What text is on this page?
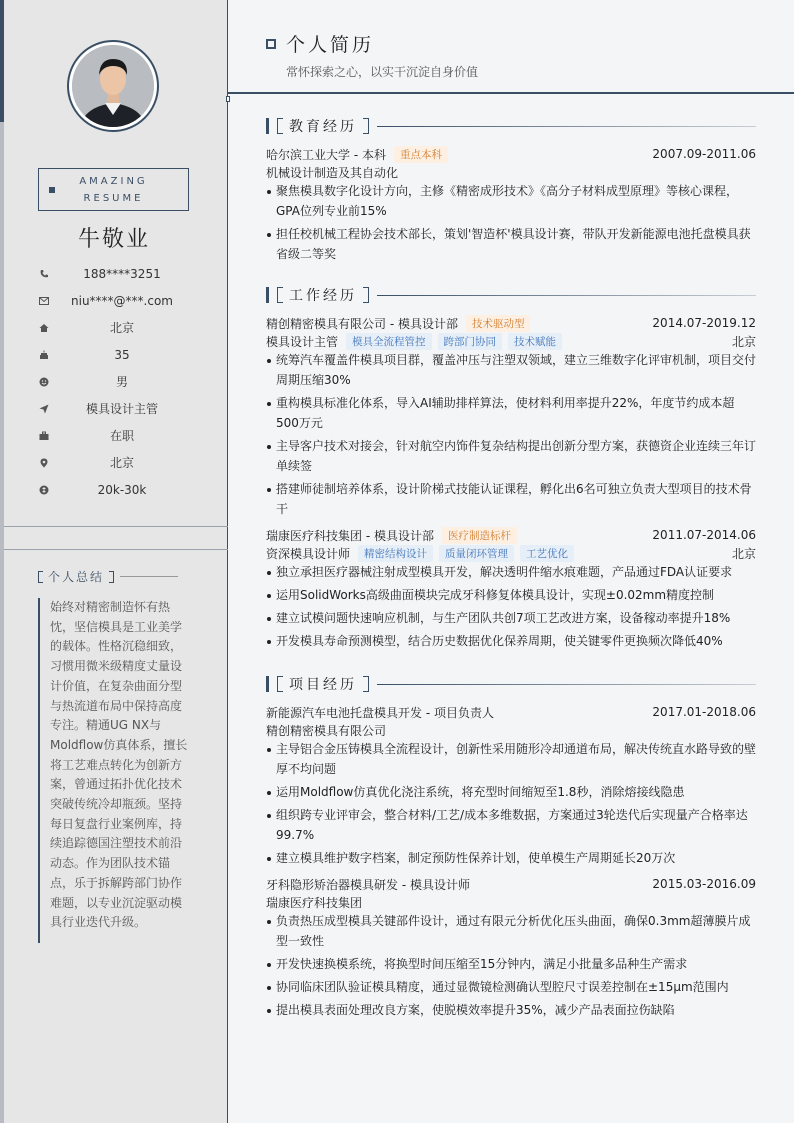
AMAZING
RESUME
牛敬业
188****3251
niu****@***.com
北京
35
男
模具设计主管
在职
北京
20k-30k
个人总结
始终对精密制造怀有热忱，坚信模具是工业美学的载体。性格沉稳细致，习惯用微米级精度丈量设计价值，在复杂曲面分型与热流道布局中保持高度专注。精通UG NX与Moldflow仿真体系，擅长将工艺难点转化为创新方案，曾通过拓扑优化技术突破传统冷却瓶颈。坚持每日复盘行业案例库，持续追踪德国注塑技术前沿动态。作为团队技术锚点，乐于拆解跨部门协作难题，以专业沉淀驱动模具行业迭代升级。
个人简历
常怀探索之心，以实干沉淀自身价值
教育经历
哈尔滨工业大学 - 本科	重点本科	2007.09-2011.06
机械设计制造及其自动化
聚焦模具数字化设计方向，主修《精密成形技术》《高分子材料成型原理》等核心课程，GPA位列专业前15%
担任校机械工程协会技术部长，策划'智造杯'模具设计赛，带队开发新能源电池托盘模具获省级二等奖
工作经历
精创精密模具有限公司 - 模具设计部	技术驱动型	2014.07-2019.12
模具设计主管	模具全流程管控	跨部门协同	技术赋能	北京
统筹汽车覆盖件模具项目群，覆盖冲压与注塑双领域，建立三维数字化评审机制，项目交付周期压缩30%
重构模具标准化体系，导入AI辅助排样算法，使材料利用率提升22%，年度节约成本超500万元
主导客户技术对接会，针对航空内饰件复杂结构提出创新分型方案，获德资企业连续三年订单续签
搭建师徒制培养体系，设计阶梯式技能认证课程，孵化出6名可独立负责大型项目的技术骨干
瑞康医疗科技集团 - 模具设计部	医疗制造标杆	2011.07-2014.06
资深模具设计师	精密结构设计	质量闭环管理	工艺优化	北京
独立承担医疗器械注射成型模具开发，解决透明件缩水痕难题，产品通过FDA认证要求
运用SolidWorks高级曲面模块完成牙科修复体模具设计，实现±0.02mm精度控制
建立试模问题快速响应机制，与生产团队共创7项工艺改进方案，设备稼动率提升18%
开发模具寿命预测模型，结合历史数据优化保养周期，使关键零件更换频次降低40%
项目经历
新能源汽车电池托盘模具开发 - 项目负责人	2017.01-2018.06
精创精密模具有限公司
主导铝合金压铸模具全流程设计，创新性采用随形冷却通道布局，解决传统直水路导致的壁厚不均问题
运用Moldflow仿真优化浇注系统，将充型时间缩短至1.8秒，消除熔接线隐患
组织跨专业评审会，整合材料/工艺/成本多维数据，方案通过3轮迭代后实现量产合格率达99.7%
建立模具维护数字档案，制定预防性保养计划，使单模生产周期延长20万次
牙科隐形矫治器模具研发 - 模具设计师	2015.03-2016.09
瑞康医疗科技集团
负责热压成型模具关键部件设计，通过有限元分析优化压头曲面，确保0.3mm超薄膜片成型一致性
开发快速换模系统，将换型时间压缩至15分钟内，满足小批量多品种生产需求
协同临床团队验证模具精度，通过显微镜检测确认型腔尺寸误差控制在±15μm范围内
提出模具表面处理改良方案，使脱模效率提升35%，减少产品表面拉伤缺陷
